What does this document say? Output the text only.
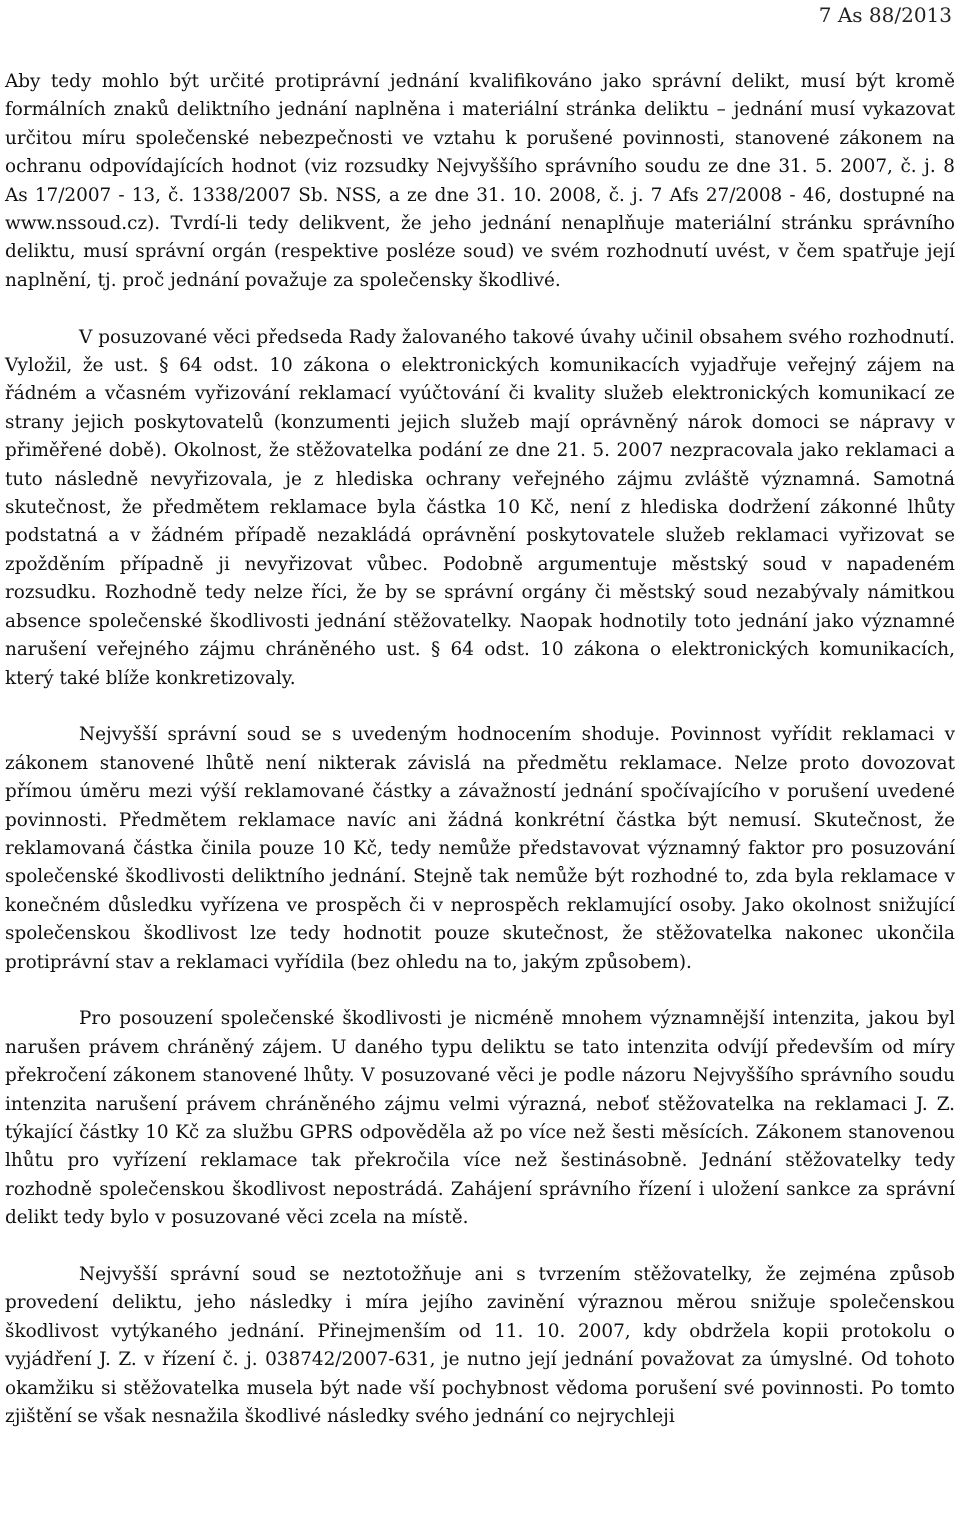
7 As 88/2013

Aby tedy mohlo být určité protiprávní jednání kvalifikováno jako správní delikt, musí být kromě formálních znaků deliktního jednání naplněna i materiální stránka deliktu – jednání musí vykazovat určitou míru společenské nebezpečnosti ve vztahu k porušené povinnosti, stanovené zákonem na ochranu odpovídajících hodnot (viz rozsudky Nejvyššího správního soudu ze dne 31. 5. 2007, č. j. 8 As 17/2007 - 13, č. 1338/2007 Sb. NSS, a ze dne 31. 10. 2008, č. j. 7 Afs 27/2008 - 46, dostupné na www.nssoud.cz). Tvrdí-li tedy delikvent, že jeho jednání nenaplňuje materiální stránku správního deliktu, musí správní orgán (respektive posléze soud) ve svém rozhodnutí uvést, v čem spatřuje její naplnění, tj. proč jednání považuje za společensky škodlivé.

V posuzované věci předseda Rady žalovaného takové úvahy učinil obsahem svého rozhodnutí. Vyložil, že ust. § 64 odst. 10 zákona o elektronických komunikacích vyjadřuje veřejný zájem na řádném a včasném vyřizování reklamací vyúčtování či kvality služeb elektronických komunikací ze strany jejich poskytovatelů (konzumenti jejich služeb mají oprávněný nárok domoci se nápravy v přiměřené době). Okolnost, že stěžovatelka podání ze dne 21. 5. 2007 nezpracovala jako reklamaci a tuto následně nevyřizovala, je z hlediska ochrany veřejného zájmu zvláště významná. Samotná skutečnost, že předmětem reklamace byla částka 10 Kč, není z hlediska dodržení zákonné lhůty podstatná a v žádném případě nezakládá oprávnění poskytovatele služeb reklamaci vyřizovat se zpožděním případně ji nevyřizovat vůbec. Podobně argumentuje městský soud v napadeném rozsudku. Rozhodně tedy nelze říci, že by se správní orgány či městský soud nezabývaly námitkou absence společenské škodlivosti jednání stěžovatelky. Naopak hodnotily toto jednání jako významné narušení veřejného zájmu chráněného ust. § 64 odst. 10 zákona o elektronických komunikacích, který také blíže konkretizovaly.

Nejvyšší správní soud se s uvedeným hodnocením shoduje. Povinnost vyřídit reklamaci v zákonem stanovené lhůtě není nikterak závislá na předmětu reklamace. Nelze proto dovozovat přímou úměru mezi výší reklamované částky a závažností jednání spočívajícího v porušení uvedené povinnosti. Předmětem reklamace navíc ani žádná konkrétní částka být nemusí. Skutečnost, že reklamovaná částka činila pouze 10 Kč, tedy nemůže představovat významný faktor pro posuzování společenské škodlivosti deliktního jednání. Stejně tak nemůže být rozhodné to, zda byla reklamace v konečném důsledku vyřízena ve prospěch či v neprospěch reklamující osoby. Jako okolnost snižující společenskou škodlivost lze tedy hodnotit pouze skutečnost, že stěžovatelka nakonec ukončila protiprávní stav a reklamaci vyřídila (bez ohledu na to, jakým způsobem).

Pro posouzení společenské škodlivosti je nicméně mnohem významnější intenzita, jakou byl narušen právem chráněný zájem. U daného typu deliktu se tato intenzita odvíjí především od míry překročení zákonem stanovené lhůty. V posuzované věci je podle názoru Nejvyššího správního soudu intenzita narušení právem chráněného zájmu velmi výrazná, neboť stěžovatelka na reklamaci J. Z. týkající částky 10 Kč za službu GPRS odpověděla až po více než šesti měsících. Zákonem stanovenou lhůtu pro vyřízení reklamace tak překročila více než šestinásobně. Jednání stěžovatelky tedy rozhodně společenskou škodlivost nepostrádá. Zahájení správního řízení i uložení sankce za správní delikt tedy bylo v posuzované věci zcela na místě.

Nejvyšší správní soud se neztotožňuje ani s tvrzením stěžovatelky, že zejména způsob provedení deliktu, jeho následky i míra jejího zavinění výraznou měrou snižuje společenskou škodlivost vytýkaného jednání. Přinejmenším od 11. 10. 2007, kdy obdržela kopii protokolu o vyjádření J. Z. v řízení č. j. 038742/2007-631, je nutno její jednání považovat za úmyslné. Od tohoto okamžiku si stěžovatelka musela být nade vší pochybnost vědoma porušení své povinnosti. Po tomto zjištění se však nesnažila škodlivé následky svého jednání co nejrychleji
